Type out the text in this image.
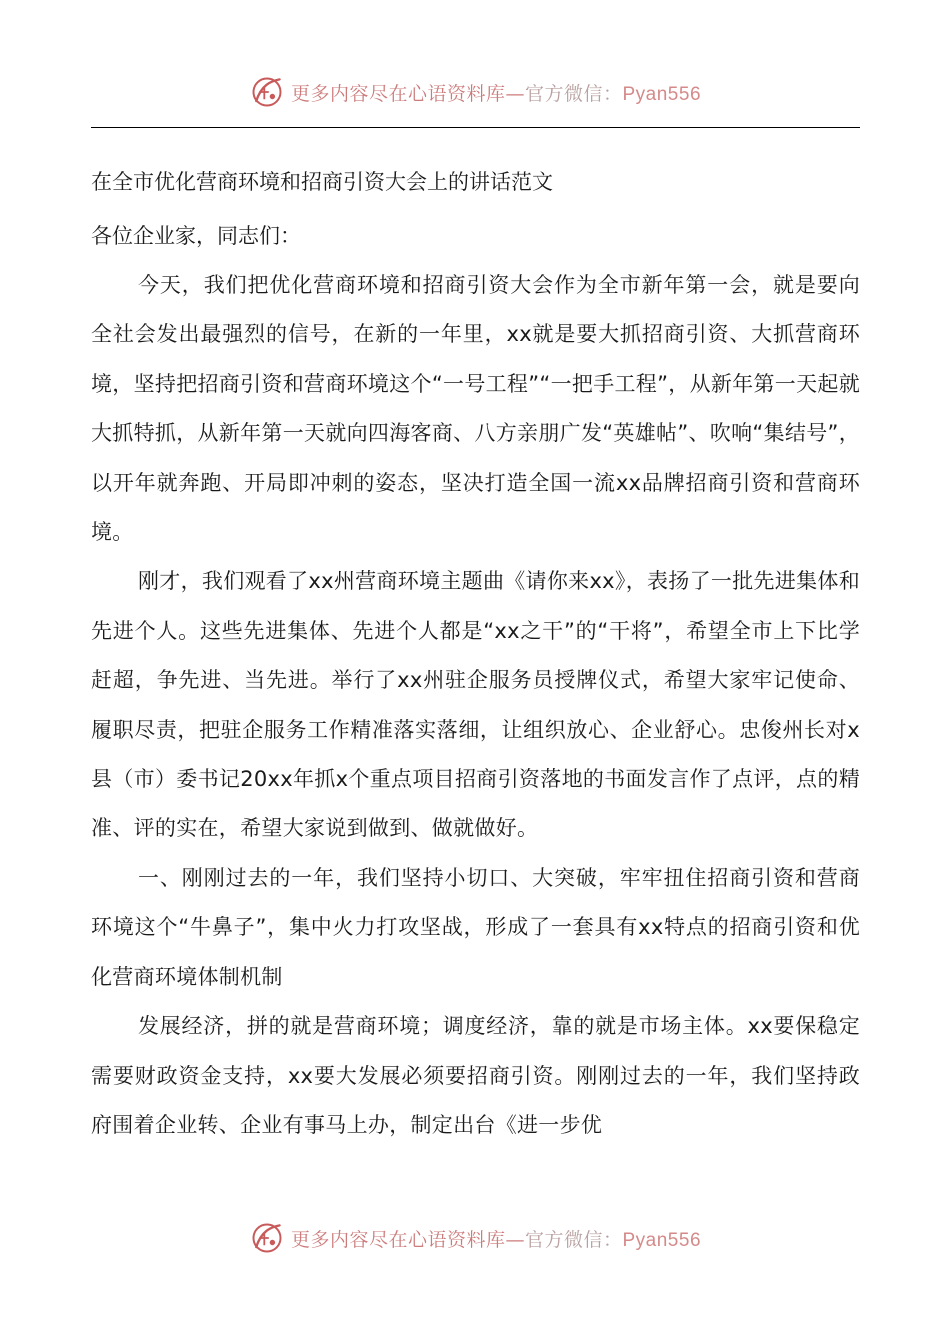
更多内容尽在心语资料库—官方微信：Pyan556

在全市优化营商环境和招商引资大会上的讲话范文

各位企业家，同志们：

今天，我们把优化营商环境和招商引资大会作为全市新年第一会，就是要向全社会发出最强烈的信号，在新的一年里，xx就是要大抓招商引资、大抓营商环境，坚持把招商引资和营商环境这个“一号工程”“一把手工程”，从新年第一天起就大抓特抓，从新年第一天就向四海客商、八方亲朋广发“英雄帖”、吹响“集结号”，以开年就奔跑、开局即冲刺的姿态，坚决打造全国一流xx品牌招商引资和营商环境。

刚才，我们观看了xx州营商环境主题曲《请你来xx》，表扬了一批先进集体和先进个人。这些先进集体、先进个人都是“xx之干”的“干将”，希望全市上下比学赶超，争先进、当先进。举行了xx州驻企服务员授牌仪式，希望大家牢记使命、履职尽责，把驻企服务工作精准落实落细，让组织放心、企业舒心。忠俊州长对x县（市）委书记20xx年抓x个重点项目招商引资落地的书面发言作了点评，点的精准、评的实在，希望大家说到做到、做就做好。

一、刚刚过去的一年，我们坚持小切口、大突破，牢牢扭住招商引资和营商环境这个“牛鼻子”，集中火力打攻坚战，形成了一套具有xx特点的招商引资和优化营商环境体制机制

发展经济，拼的就是营商环境；调度经济，靠的就是市场主体。xx要保稳定需要财政资金支持，xx要大发展必须要招商引资。刚刚过去的一年，我们坚持政府围着企业转、企业有事马上办，制定出台《进一步优

更多内容尽在心语资料库—官方微信：Pyan556
